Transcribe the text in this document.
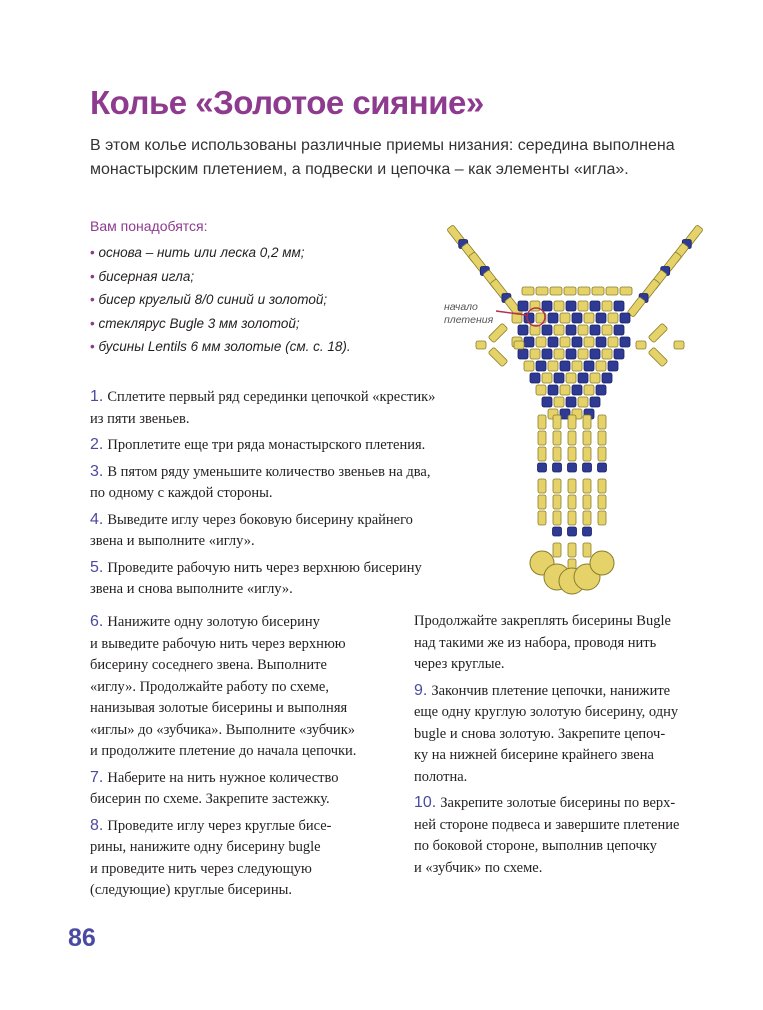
Колье «Золотое сияние»

В этом колье использованы различные приемы низания: середина выполнена монастырским плетением, а подвески и цепочка – как элементы «игла».

Вам понадобятся:

• основа – нить или леска 0,2 мм;
• бисерная игла;
• бисер круглый 8/0 синий и золотой;
• стеклярус Bugle 3 мм золотой;
• бусины Lentils 6 мм золотые (см. с. 18).

1. Сплетите первый ряд серединки цепочкой «крестик»
из пяти звеньев.

2. Проплетите еще три ряда монастырского плетения.

3. В пятом ряду уменьшите количество звеньев на два,
по одному с каждой стороны.

4. Выведите иглу через боковую бисерину крайнего
звена и выполните «иглу».

5. Проведите рабочую нить через верхнюю бисерину
звена и снова выполните «иглу».

6. Нанижите одну золотую бисерину
и выведите рабочую нить через верхнюю
бисерину соседнего звена. Выполните
«иглу». Продолжайте работу по схеме,
нанизывая золотые бисерины и выполняя
«иглы» до «зубчика». Выполните «зубчик»
и продолжите плетение до начала цепочки.

7. Наберите на нить нужное количество
бисерин по схеме. Закрепите застежку.

8. Проведите иглу через круглые бисе-
рины, нанижите одну бисерину bugle
и проведите нить через следующую
(следующие) круглые бисерины.

Продолжайте закреплять бисерины Bugle
над такими же из набора, проводя нить
через круглые.

9. Закончив плетение цепочки, нанижите
еще одну круглую золотую бисерину, одну
bugle и снова золотую. Закрепите цепоч-
ку на нижней бисерине крайнего звена
полотна.

10. Закрепите золотые бисерины по верх-
ней стороне подвеса и завершите плетение
по боковой стороне, выполнив цепочку
и «зубчик» по схеме.

начало
плетения

86
